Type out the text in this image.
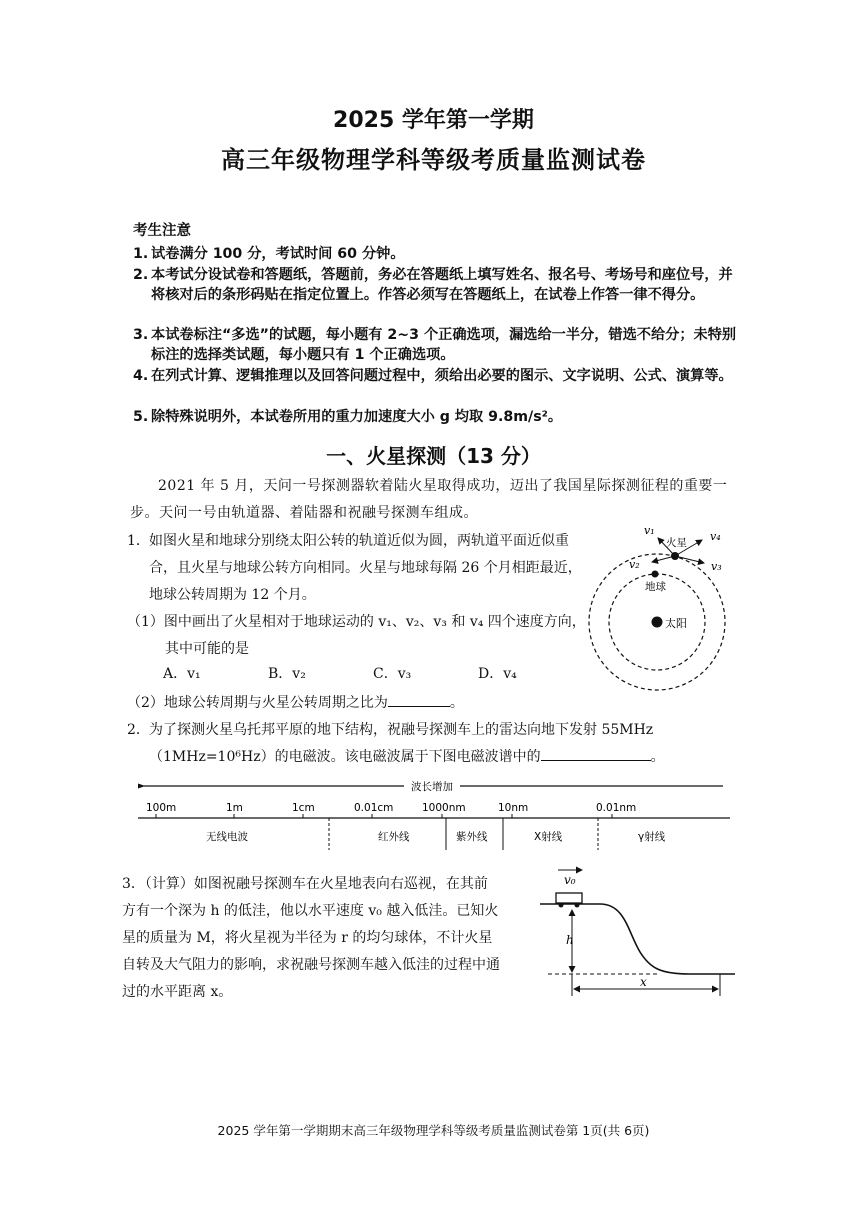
2025 学年第一学期
高三年级物理学科等级考质量监测试卷
考生注意
1. 试卷满分 100 分，考试时间 60 分钟。
2. 本考试分设试卷和答题纸，答题前，务必在答题纸上填写姓名、报名号、考场号和座位号，并将核对后的条形码贴在指定位置上。作答必须写在答题纸上，在试卷上作答一律不得分。
3. 本试卷标注“多选”的试题，每小题有 2~3 个正确选项，漏选给一半分，错选不给分；未特别标注的选择类试题，每小题只有 1 个正确选项。
4. 在列式计算、逻辑推理以及回答问题过程中，须给出必要的图示、文字说明、公式、演算等。
5. 除特殊说明外，本试卷所用的重力加速度大小 g 均取 9.8m/s²。
一、火星探测（13 分）
2021 年 5 月，天问一号探测器软着陆火星取得成功，迈出了我国星际探测征程的重要一步。天问一号由轨道器、着陆器和祝融号探测车组成。
1． 如图火星和地球分别绕太阳公转的轨道近似为圆，两轨道平面近似重合，且火星与地球公转方向相同。火星与地球每隔 26 个月相距最近，地球公转周期为 12 个月。
（1）图中画出了火星相对于地球运动的 v₁、v₂、v₃ 和 v₄ 四个速度方向，其中可能的是
A．v₁	B．v₂	C．v₃	D．v₄
（2）地球公转周期与火星公转周期之比为	。
太阳
火星
地球
v₁
v₂	v₃
v₄
2． 为了探测火星乌托邦平原的地下结构，祝融号探测车上的雷达向地下发射 55MHz（1MHz=10⁶Hz）的电磁波。该电磁波属于下图电磁波谱中的	。
波长增加
100m	1m	1cm	0.01cm	1000nm	10nm	0.01nm
无线电波	红外线	紫外线	X射线	γ射线
3．（计算）如图祝融号探测车在火星地表向右巡视，在其前方有一个深为 h 的低洼，他以水平速度 v₀ 越入低洼。已知火星的质量为 M，将火星视为半径为 r 的均匀球体，不计火星自转及大气阻力的影响，求祝融号探测车越入低洼的过程中通过的水平距离 x。
v₀
h
x
2025 学年第一学期期末高三年级物理学科等级考质量监测试卷第 1页(共 6页)
